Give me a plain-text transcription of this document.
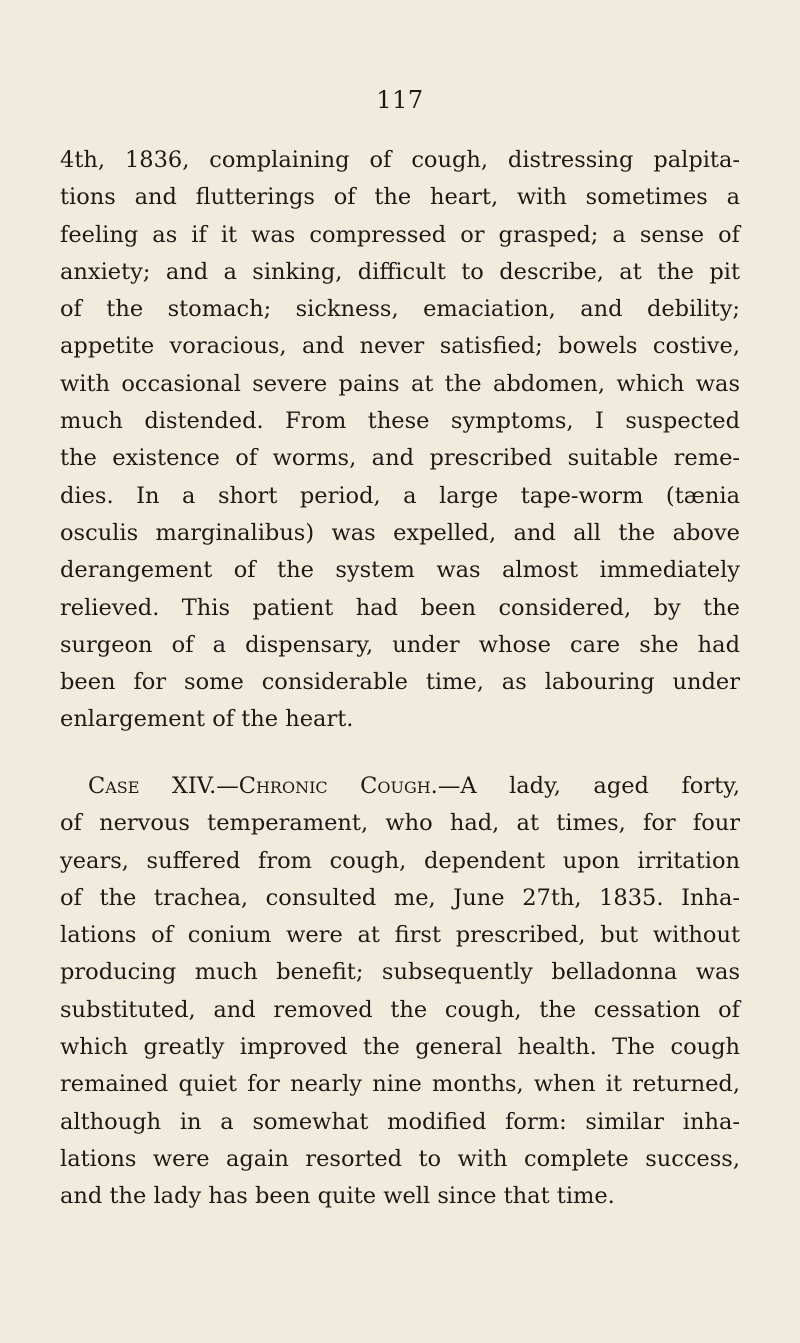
117
4th, 1836, complaining of cough, distressing palpita-
tions and flutterings of the heart, with sometimes a
feeling as if it was compressed or grasped; a sense of
anxiety; and a sinking, difficult to describe, at the pit
of the stomach; sickness, emaciation, and debility;
appetite voracious, and never satisfied; bowels costive,
with occasional severe pains at the abdomen, which was
much distended. From these symptoms, I suspected
the existence of worms, and prescribed suitable reme-
dies. In a short period, a large tape-worm (tænia
osculis marginalibus) was expelled, and all the above
derangement of the system was almost immediately
relieved. This patient had been considered, by the
surgeon of a dispensary, under whose care she had
been for some considerable time, as labouring under
enlargement of the heart.
Case XIV.—Chronic Cough.—A lady, aged forty,
of nervous temperament, who had, at times, for four
years, suffered from cough, dependent upon irritation
of the trachea, consulted me, June 27th, 1835. Inha-
lations of conium were at first prescribed, but without
producing much benefit; subsequently belladonna was
substituted, and removed the cough, the cessation of
which greatly improved the general health. The cough
remained quiet for nearly nine months, when it returned,
although in a somewhat modified form: similar inha-
lations were again resorted to with complete success,
and the lady has been quite well since that time.
